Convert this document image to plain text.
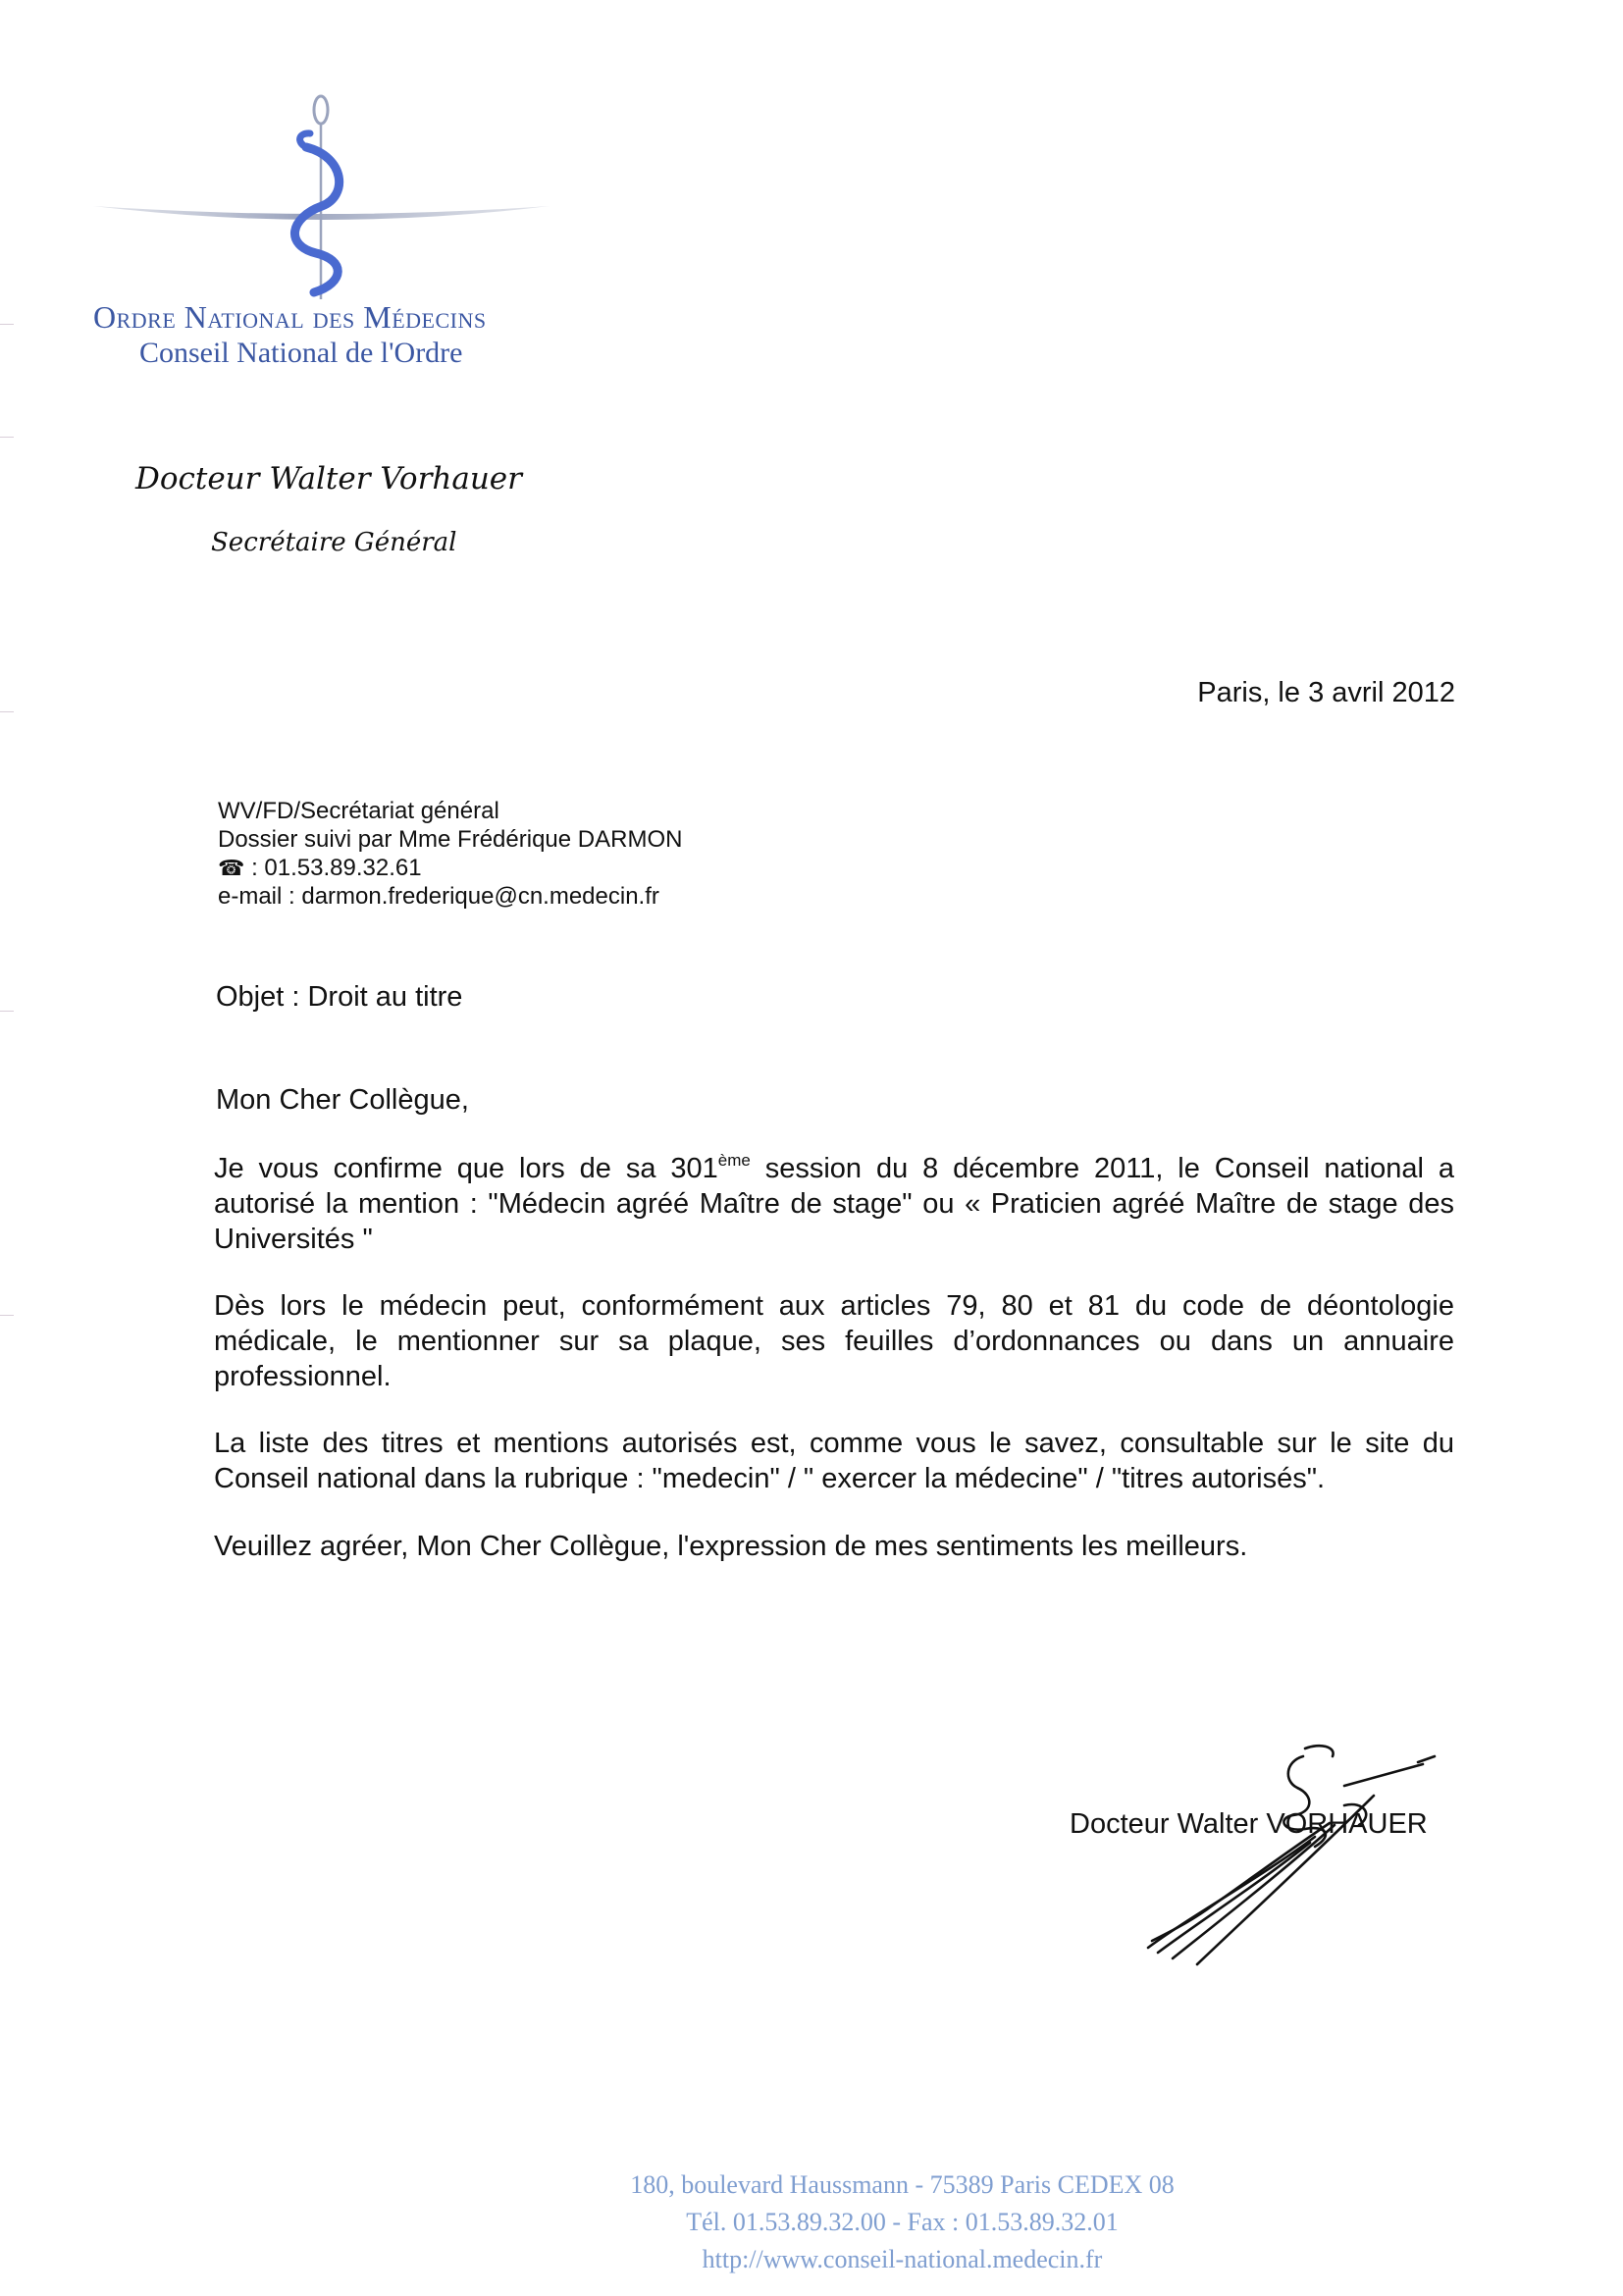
Ordre National des Médecins
Conseil National de l'Ordre
Docteur Walter Vorhauer
Secrétaire Général
Paris, le 3 avril 2012
WV/FD/Secrétariat général
Dossier suivi par Mme Frédérique DARMON
☎ : 01.53.89.32.61
e-mail : darmon.frederique@cn.medecin.fr
Objet : Droit au titre
Mon Cher Collègue,
Je vous confirme que lors de sa 301ème session du 8 décembre 2011, le Conseil national a autorisé la mention : "Médecin agréé Maître de stage" ou « Praticien agréé Maître de stage des Universités "
Dès lors le médecin peut, conformément aux articles 79, 80 et 81 du code de déontologie médicale, le mentionner sur sa plaque, ses feuilles d’ordonnances ou dans un annuaire professionnel.
La liste des titres et mentions autorisés est, comme vous le savez, consultable sur le site du Conseil national dans la rubrique : "medecin" / " exercer la médecine" / "titres autorisés".
Veuillez agréer, Mon Cher Collègue, l'expression de mes sentiments les meilleurs.
Docteur Walter VORHAUER
180, boulevard Haussmann - 75389 Paris CEDEX 08
Tél. 01.53.89.32.00 - Fax : 01.53.89.32.01
http://www.conseil-national.medecin.fr
